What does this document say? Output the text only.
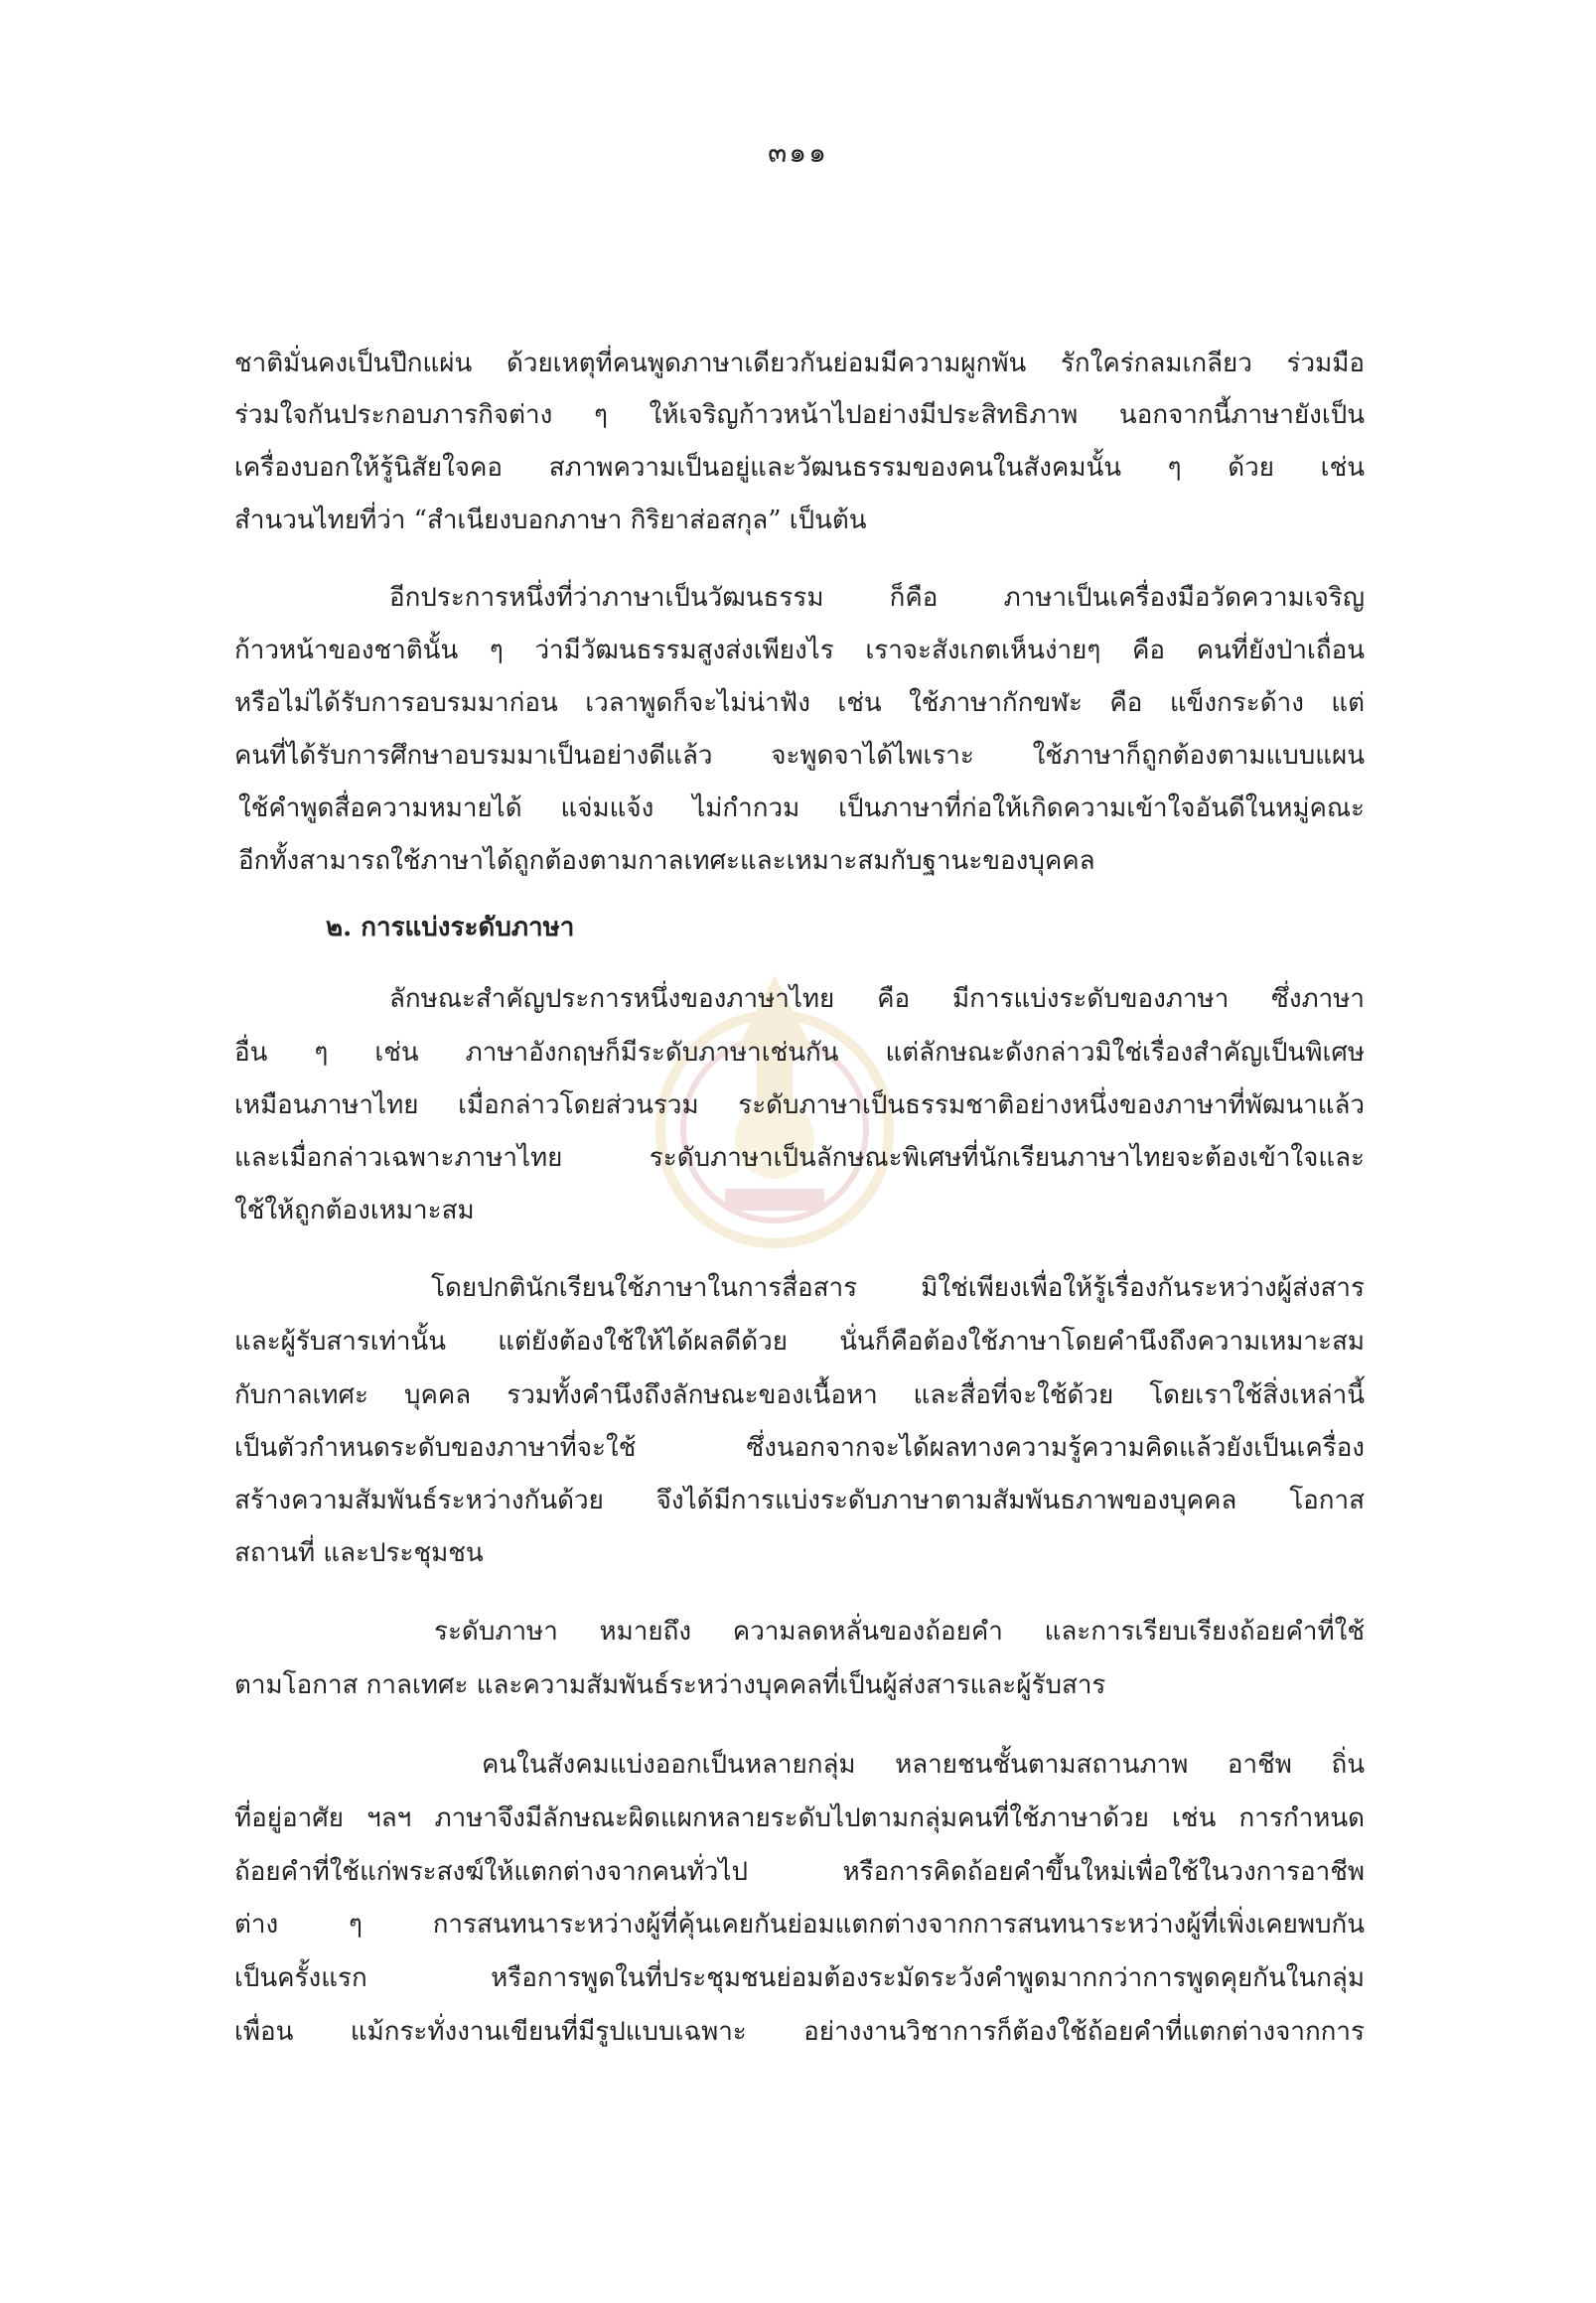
๓๑๑
ชาติมั่นคงเป็นปึกแผ่น ด้วยเหตุที่คนพูดภาษาเดียวกันย่อมมีความผูกพัน รักใคร่กลมเกลียว ร่วมมือ
ร่วมใจกันประกอบภารกิจต่าง ๆ ให้เจริญก้าวหน้าไปอย่างมีประสิทธิภาพ นอกจากนี้ภาษายังเป็น
เครื่องบอกให้รู้นิสัยใจคอ สภาพความเป็นอยู่และวัฒนธรรมของคนในสังคมนั้น ๆ ด้วย เช่น
สำนวนไทยที่ว่า “สำเนียงบอกภาษา กิริยาส่อสกุล” เป็นต้น
อีกประการหนึ่งที่ว่าภาษาเป็นวัฒนธรรม ก็คือ ภาษาเป็นเครื่องมือวัดความเจริญ
ก้าวหน้าของชาตินั้น ๆ ว่ามีวัฒนธรรมสูงส่งเพียงไร เราจะสังเกตเห็นง่ายๆ คือ คนที่ยังป่าเถื่อน
หรือไม่ได้รับการอบรมมาก่อน เวลาพูดก็จะไม่น่าฟัง เช่น ใช้ภาษากักขฬะ คือ แข็งกระด้าง แต่
คนที่ได้รับการศึกษาอบรมมาเป็นอย่างดีแล้ว จะพูดจาได้ไพเราะ ใช้ภาษาก็ถูกต้องตามแบบแผน
ใช้คำพูดสื่อความหมายได้ แจ่มแจ้ง ไม่กำกวม เป็นภาษาที่ก่อให้เกิดความเข้าใจอันดีในหมู่คณะ
อีกทั้งสามารถใช้ภาษาได้ถูกต้องตามกาลเทศะและเหมาะสมกับฐานะของบุคคล
๒. การแบ่งระดับภาษา
ลักษณะสำคัญประการหนึ่งของภาษาไทย คือ มีการแบ่งระดับของภาษา ซึ่งภาษา
อื่น ๆ เช่น ภาษาอังกฤษก็มีระดับภาษาเช่นกัน แต่ลักษณะดังกล่าวมิใช่เรื่องสำคัญเป็นพิเศษ
เหมือนภาษาไทย เมื่อกล่าวโดยส่วนรวม ระดับภาษาเป็นธรรมชาติอย่างหนึ่งของภาษาที่พัฒนาแล้ว
และเมื่อกล่าวเฉพาะภาษาไทย ระดับภาษาเป็นลักษณะพิเศษที่นักเรียนภาษาไทยจะต้องเข้าใจและ
ใช้ให้ถูกต้องเหมาะสม
โดยปกตินักเรียนใช้ภาษาในการสื่อสาร มิใช่เพียงเพื่อให้รู้เรื่องกันระหว่างผู้ส่งสาร
และผู้รับสารเท่านั้น แต่ยังต้องใช้ให้ได้ผลดีด้วย นั่นก็คือต้องใช้ภาษาโดยคำนึงถึงความเหมาะสม
กับกาลเทศะ บุคคล รวมทั้งคำนึงถึงลักษณะของเนื้อหา และสื่อที่จะใช้ด้วย โดยเราใช้สิ่งเหล่านี้
เป็นตัวกำหนดระดับของภาษาที่จะใช้ ซึ่งนอกจากจะได้ผลทางความรู้ความคิดแล้วยังเป็นเครื่อง
สร้างความสัมพันธ์ระหว่างกันด้วย จึงได้มีการแบ่งระดับภาษาตามสัมพันธภาพของบุคคล โอกาส
สถานที่ และประชุมชน
ระดับภาษา หมายถึง ความลดหลั่นของถ้อยคำ และการเรียบเรียงถ้อยคำที่ใช้
ตามโอกาส กาลเทศะ และความสัมพันธ์ระหว่างบุคคลที่เป็นผู้ส่งสารและผู้รับสาร
คนในสังคมแบ่งออกเป็นหลายกลุ่ม หลายชนชั้นตามสถานภาพ อาชีพ ถิ่น
ที่อยู่อาศัย ฯลฯ ภาษาจึงมีลักษณะผิดแผกหลายระดับไปตามกลุ่มคนที่ใช้ภาษาด้วย เช่น การกำหนด
ถ้อยคำที่ใช้แก่พระสงฆ์ให้แตกต่างจากคนทั่วไป หรือการคิดถ้อยคำขึ้นใหม่เพื่อใช้ในวงการอาชีพ
ต่าง ๆ การสนทนาระหว่างผู้ที่คุ้นเคยกันย่อมแตกต่างจากการสนทนาระหว่างผู้ที่เพิ่งเคยพบกัน
เป็นครั้งแรก หรือการพูดในที่ประชุมชนย่อมต้องระมัดระวังคำพูดมากกว่าการพูดคุยกันในกลุ่ม
เพื่อน แม้กระทั่งงานเขียนที่มีรูปแบบเฉพาะ อย่างงานวิชาการก็ต้องใช้ถ้อยคำที่แตกต่างจากการ
